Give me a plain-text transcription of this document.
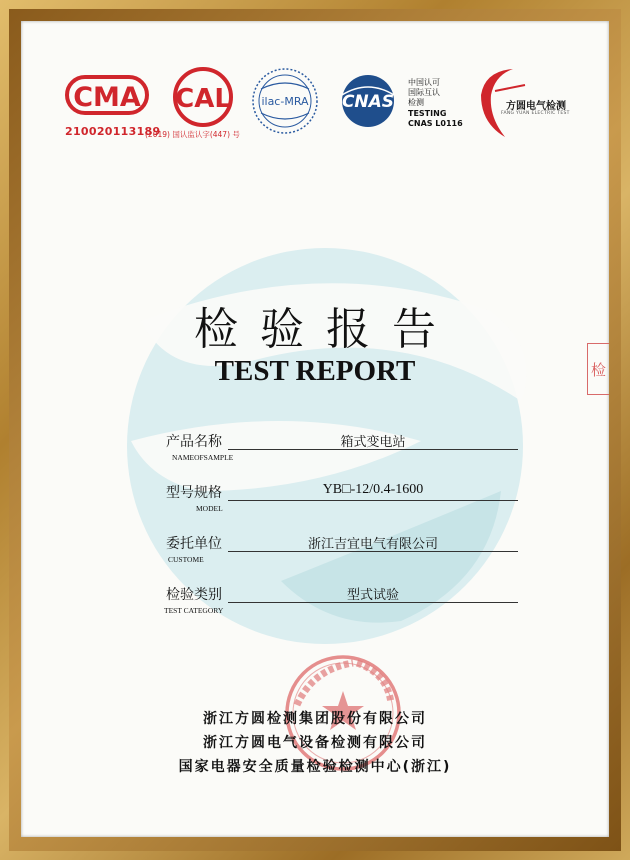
CMA
210020113189
CAL
(2019) 国认监认字(447) 号
ilac-MRA CNAS
中国认可
国际互认
检测
TESTING
CNAS L0116
方圆电气检测
FANG YUAN ELECTRIC TEST
检验报告
TEST REPORT
产品名称
NAMEOFSAMPLE
箱式变电站
型号规格
MODEL
YB□-12/0.4-1600
委托单位
CUSTOME
浙江吉宜电气有限公司
检验类别
TEST CATEGORY
型式试验
检
浙江方圆检测集团股份有限公司
浙江方圆电气设备检测有限公司
国家电器安全质量检验检测中心(浙江)
